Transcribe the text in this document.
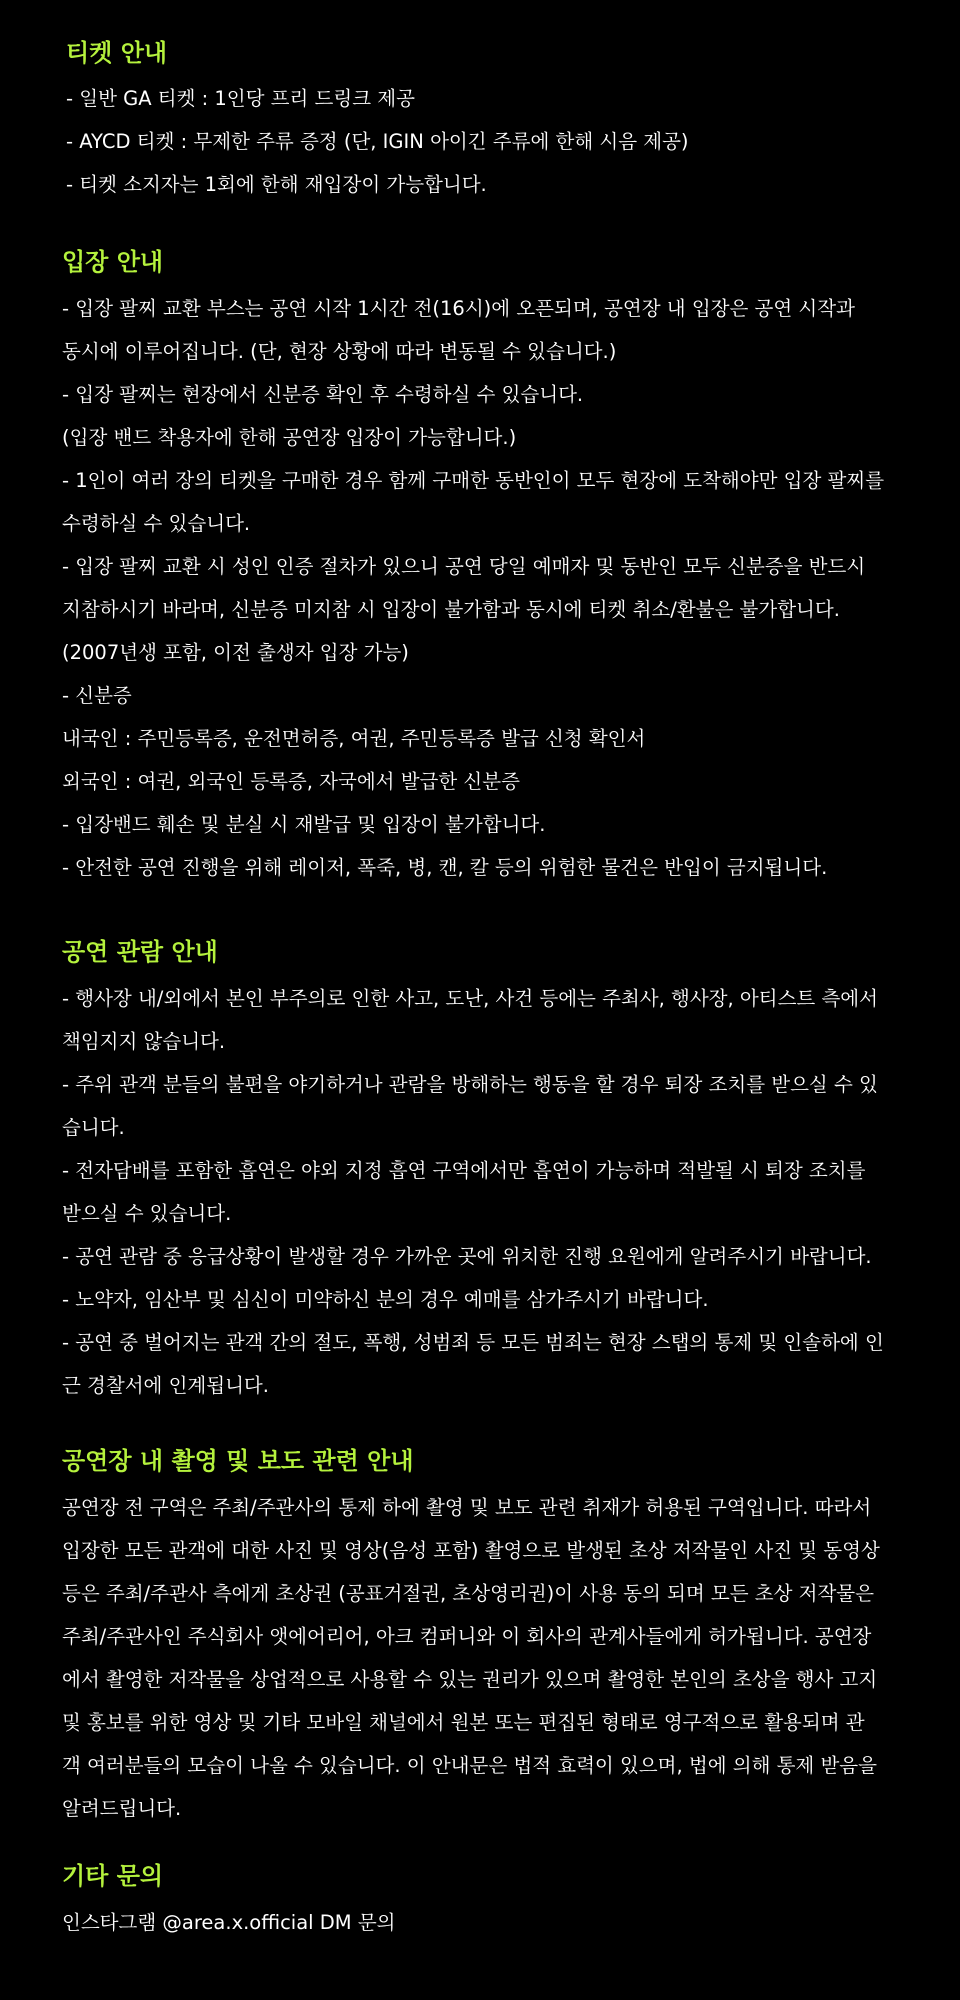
티켓 안내
- 일반 GA 티켓 : 1인당 프리 드링크 제공
- AYCD 티켓 : 무제한 주류 증정 (단, IGIN 아이긴 주류에 한해 시음 제공)
- 티켓 소지자는 1회에 한해 재입장이 가능합니다.
입장 안내
- 입장 팔찌 교환 부스는 공연 시작 1시간 전(16시)에 오픈되며, 공연장 내 입장은 공연 시작과
동시에 이루어집니다. (단, 현장 상황에 따라 변동될 수 있습니다.)
- 입장 팔찌는 현장에서 신분증 확인 후 수령하실 수 있습니다.
(입장 밴드 착용자에 한해 공연장 입장이 가능합니다.)
- 1인이 여러 장의 티켓을 구매한 경우 함께 구매한 동반인이 모두 현장에 도착해야만 입장 팔찌를
수령하실 수 있습니다.
- 입장 팔찌 교환 시 성인 인증 절차가 있으니 공연 당일 예매자 및 동반인 모두 신분증을 반드시
지참하시기 바라며, 신분증 미지참 시 입장이 불가함과 동시에 티켓 취소/환불은 불가합니다.
(2007년생 포함, 이전 출생자 입장 가능)
- 신분증
내국인 : 주민등록증, 운전면허증, 여권, 주민등록증 발급 신청 확인서
외국인 : 여권, 외국인 등록증, 자국에서 발급한 신분증
- 입장밴드 훼손 및 분실 시 재발급 및 입장이 불가합니다.
- 안전한 공연 진행을 위해 레이저, 폭죽, 병, 캔, 칼 등의 위험한 물건은 반입이 금지됩니다.
공연 관람 안내
- 행사장 내/외에서 본인 부주의로 인한 사고, 도난, 사건 등에는 주최사, 행사장, 아티스트 측에서
책임지지 않습니다.
- 주위 관객 분들의 불편을 야기하거나 관람을 방해하는 행동을 할 경우 퇴장 조치를 받으실 수 있
습니다.
- 전자담배를 포함한 흡연은 야외 지정 흡연 구역에서만 흡연이 가능하며 적발될 시 퇴장 조치를
받으실 수 있습니다.
- 공연 관람 중 응급상황이 발생할 경우 가까운 곳에 위치한 진행 요원에게 알려주시기 바랍니다.
- 노약자, 임산부 및 심신이 미약하신 분의 경우 예매를 삼가주시기 바랍니다.
- 공연 중 벌어지는 관객 간의 절도, 폭행, 성범죄 등 모든 범죄는 현장 스탭의 통제 및 인솔하에 인
근 경찰서에 인계됩니다.
공연장 내 촬영 및 보도 관련 안내
공연장 전 구역은 주최/주관사의 통제 하에 촬영 및 보도 관련 취재가 허용된 구역입니다. 따라서
입장한 모든 관객에 대한 사진 및 영상(음성 포함) 촬영으로 발생된 초상 저작물인 사진 및 동영상
등은 주최/주관사 측에게 초상권 (공표거절권, 초상영리권)이 사용 동의 되며 모든 초상 저작물은
주최/주관사인 주식회사 앳에어리어, 아크 컴퍼니와 이 회사의 관계사들에게 허가됩니다. 공연장
에서 촬영한 저작물을 상업적으로 사용할 수 있는 권리가 있으며 촬영한 본인의 초상을 행사 고지
및 홍보를 위한 영상 및 기타 모바일 채널에서 원본 또는 편집된 형태로 영구적으로 활용되며 관
객 여러분들의 모습이 나올 수 있습니다. 이 안내문은 법적 효력이 있으며, 법에 의해 통제 받음을
알려드립니다.
기타 문의
인스타그램 @area.x.official DM 문의
